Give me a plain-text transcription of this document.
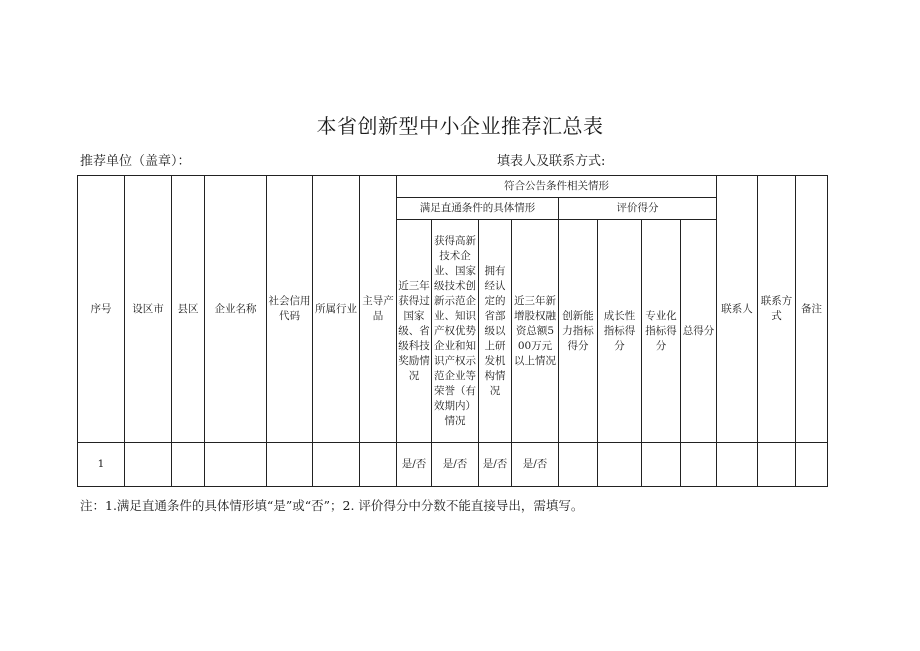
本省创新型中小企业推荐汇总表
推荐单位（盖章）：	填表人及联系方式:
序号	设区市	县区	企业名称	社会信用代码	所属行业	主导产品	符合公告条件相关情形								联系人	联系方式	备注
							满足直通条件的具体情形				评价得分						
							近三年获得过国家级、省级科技奖励情况	获得高新技术企业、国家级技术创新示范企业、知识产权优势企业和知识产权示范企业等荣誉（有效期内）情况	拥有经认定的省部级以上研发机构情况	近三年新增股权融资总额500万元以上情况	创新能力指标得分	成长性指标得分	专业化指标得分	总得分			
1							是/否	是/否	是/否	是/否							
注：1.满足直通条件的具体情形填“是”或“否”；2. 评价得分中分数不能直接导出，需填写。
